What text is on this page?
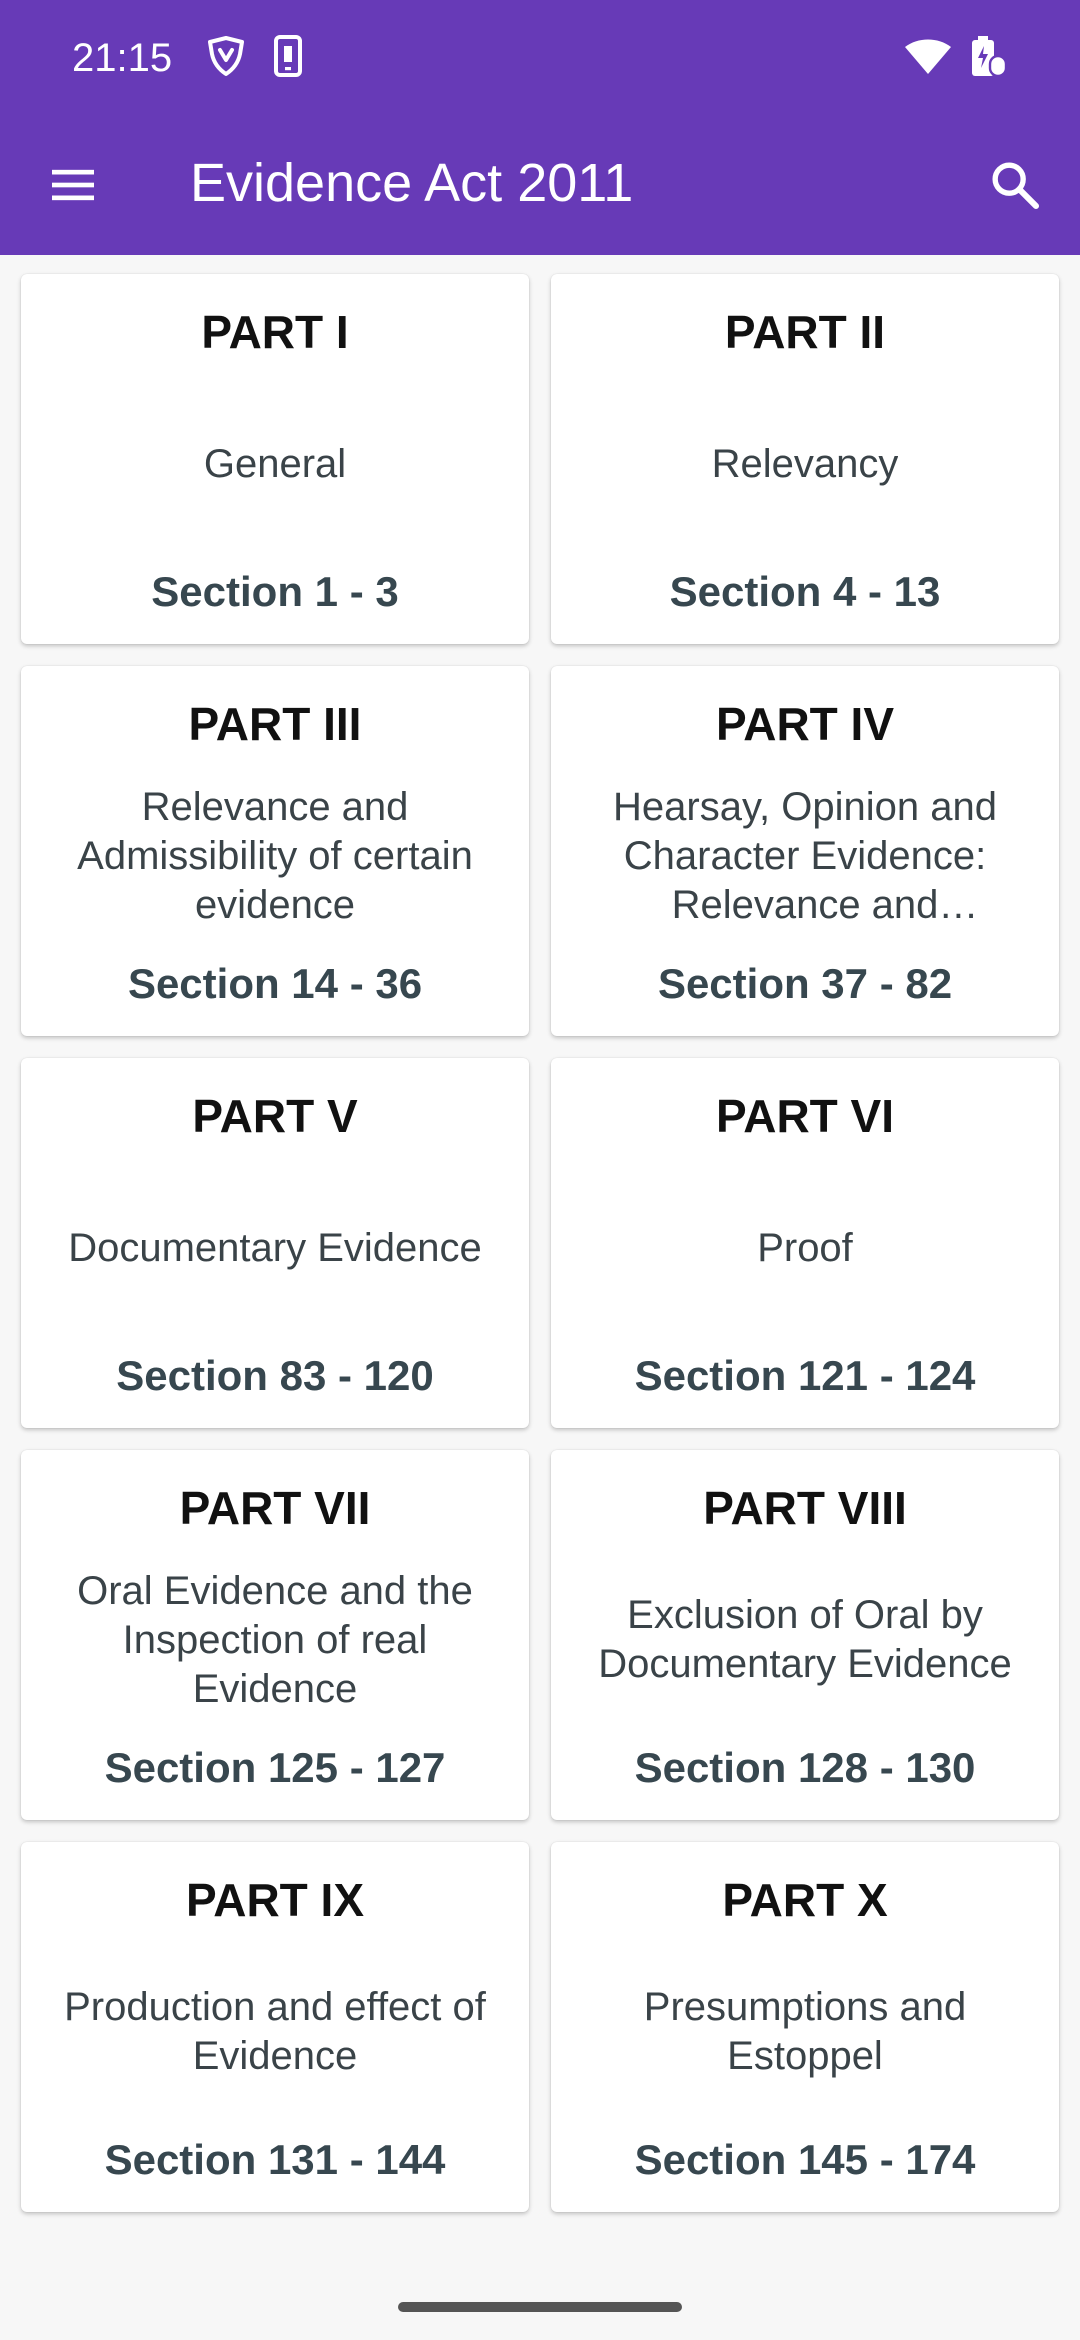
21:15
Evidence Act 2011
PART I
General
Section 1 - 3
PART II
Relevancy
Section 4 - 13
PART III
Relevance and Admissibility of certain evidence
Section 14 - 36
PART IV
Hearsay, Opinion and Character Evidence: Relevance and
Section 37 - 82
PART V
Documentary Evidence
Section 83 - 120
PART VI
Proof
Section 121 - 124
PART VII
Oral Evidence and the Inspection of real Evidence
Section 125 - 127
PART VIII
Exclusion of Oral by Documentary Evidence
Section 128 - 130
PART IX
Production and effect of Evidence
Section 131 - 144
PART X
Presumptions and Estoppel
Section 145 - 174
